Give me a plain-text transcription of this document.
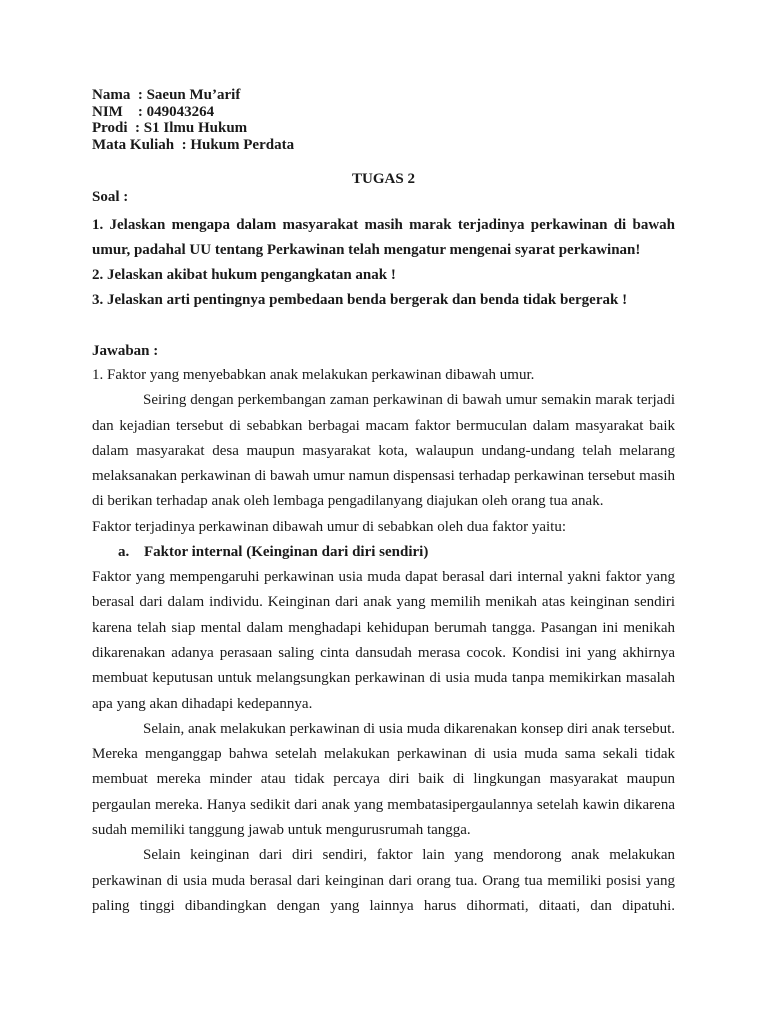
Nama  : Saeun Mu’arif
NIM    : 049043264
Prodi  : S1 Ilmu Hukum
Mata Kuliah  : Hukum Perdata
TUGAS 2
Soal :
1. Jelaskan mengapa dalam masyarakat masih marak terjadinya perkawinan di bawah umur, padahal UU tentang Perkawinan telah mengatur mengenai syarat perkawinan!
2. Jelaskan akibat hukum pengangkatan anak !
3. Jelaskan arti pentingnya pembedaan benda bergerak dan benda tidak bergerak !
Jawaban :
1. Faktor yang menyebabkan anak melakukan perkawinan dibawah umur.
Seiring dengan perkembangan zaman perkawinan di bawah umur semakin marak terjadi dan kejadian tersebut di sebabkan berbagai macam faktor bermuculan dalam masyarakat baik dalam masyarakat desa maupun masyarakat kota, walaupun undang-undang telah melarang melaksanakan perkawinan di bawah umur namun dispensasi terhadap perkawinan tersebut masih di berikan terhadap anak oleh lembaga pengadilanyang diajukan oleh orang tua anak.
Faktor terjadinya perkawinan dibawah umur di sebabkan oleh dua faktor yaitu:
a. Faktor internal (Keinginan dari diri sendiri)
Faktor yang mempengaruhi perkawinan usia muda dapat berasal dari internal yakni faktor yang berasal dari dalam individu. Keinginan dari anak yang memilih menikah atas keinginan sendiri karena telah siap mental dalam menghadapi kehidupan berumah tangga. Pasangan ini menikah dikarenakan adanya perasaan saling cinta dansudah merasa cocok. Kondisi ini yang akhirnya membuat keputusan untuk melangsungkan perkawinan di usia muda tanpa memikirkan masalah apa yang akan dihadapi kedepannya.
Selain, anak melakukan perkawinan di usia muda dikarenakan konsep diri anak tersebut. Mereka menganggap bahwa setelah melakukan perkawinan di usia muda sama sekali tidak membuat mereka minder atau tidak percaya diri baik di lingkungan masyarakat maupun pergaulan mereka. Hanya sedikit dari anak yang membatasipergaulannya setelah kawin dikarena sudah memiliki tanggung jawab untuk mengurusrumah tangga.
Selain keinginan dari diri sendiri, faktor lain yang mendorong anak melakukan perkawinan di usia muda berasal dari keinginan dari orang tua. Orang tua memiliki posisi yang paling tinggi dibandingkan dengan yang lainnya harus dihormati, ditaati, dan dipatuhi.
